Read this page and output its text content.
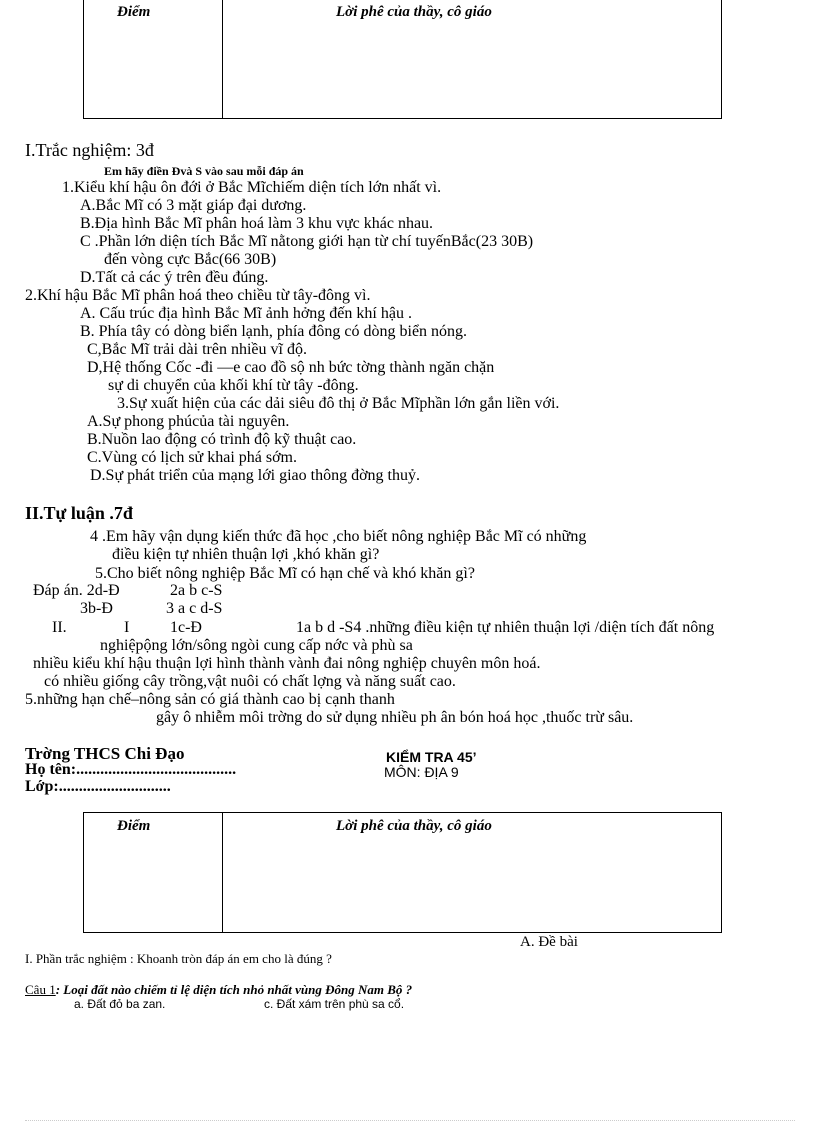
Điểm	Lời phê của thầy, cô giáo
I.Trắc nghiệm: 3đ
Em hãy điền Đvà S vào sau mỗi đáp án
1.Kiểu khí hậu ôn đới ở Bắc Mĩchiếm diện tích lớn nhất vì.
A.Bắc Mĩ có 3 mặt giáp đại dương.
B.Địa hình Bắc Mĩ phân hoá làm 3 khu vực khác nhau.
C .Phần lớn diện tích Bắc Mĩ nằtong giới hạn từ chí tuyếnBắc(23 30B)
đến vòng cực Bắc(66 30B)
D.Tất cả các ý trên đều đúng.
2.Khí hậu Bắc Mĩ phân hoá theo chiều từ tây-đông vì.
A. Cấu trúc địa hình Bắc Mĩ ảnh hởng đến khí hậu .
B. Phía tây có dòng biển lạnh, phía đông có dòng biển nóng.
C,Bắc Mĩ trải dài trên nhiều vĩ độ.
D,Hệ thống Cốc -đi —e cao đồ sộ nh bức tờng thành ngăn chặn
sự di chuyển của khối khí từ tây -đông.
3.Sự xuất hiện của các dải siêu đô thị ở Bắc Mĩphần lớn gắn liền với.
A.Sự phong phúcủa tài nguyên.
B.Nuồn lao động có trình độ kỹ thuật cao.
C.Vùng có lịch sử khai phá sớm.
D.Sự phát triển của mạng lới giao thông đờng thuỷ.
II.Tự luận .7đ
4 .Em hãy vận dụng kiến thức đã học ,cho biết nông nghiệp Bắc Mĩ có những
điều kiện tự nhiên thuận lợi ,khó khăn gì?
5.Cho biết nông nghiệp Bắc Mĩ có hạn chế và khó khăn gì?
Đáp án. 2d-Đ	2a b c-S
3b-Đ	3 a c d-S
II.	I	1c-Đ	1a b d -S4 .những điều kiện tự nhiên thuận lợi /diện tích đất nông
nghiệpộng lớn/sông ngòi cung cấp nớc và phù sa
nhiều kiểu khí hậu thuận lợi hình thành vành đai nông nghiệp chuyên môn hoá.
có nhiều giống cây trồng,vật nuôi có chất lợng và năng suất cao.
5.những hạn chế–nông sản có giá thành cao bị cạnh thanh
gây ô nhiễm môi trờng do sử dụng nhiều ph ân bón hoá học ,thuốc trừ sâu.
Trờng THCS Chi Đạo
Họ tên:........................................
Lớp:............................
KIỂM TRA 45’
MÔN: ĐỊA 9
Điểm	Lời phê của thầy, cô giáo
A. Đề bài
I. Phần trắc nghiệm : Khoanh tròn đáp án em cho là đúng ?
Câu 1: Loại đất nào chiếm tỉ lệ diện tích nhỏ nhất vùng Đông Nam Bộ ?
a. Đất đỏ ba zan.	c. Đất xám trên phù sa cổ.
